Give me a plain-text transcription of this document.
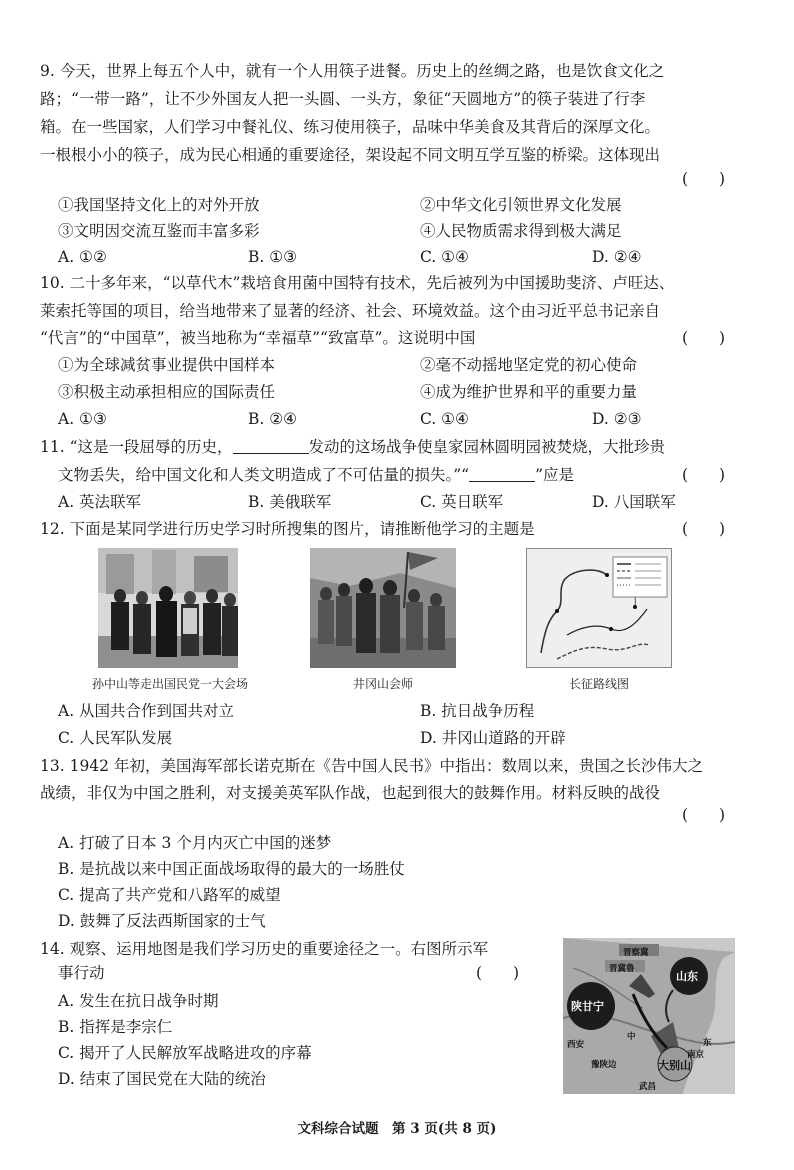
9. 今天，世界上每五个人中，就有一个人用筷子进餐。历史上的丝绸之路，也是饮食文化之
路；“一带一路”，让不少外国友人把一头圆、一头方，象征“天圆地方”的筷子装进了行李
箱。在一些国家，人们学习中餐礼仪、练习使用筷子，品味中华美食及其背后的深厚文化。
一根根小小的筷子，成为民心相通的重要途径，架设起不同文明互学互鉴的桥梁。这体现出
(　　)
①我国坚持文化上的对外开放	②中华文化引领世界文化发展
③文明因交流互鉴而丰富多彩	④人民物质需求得到极大满足
A. ①②	B. ①③	C. ①④	D. ②④
10. 二十多年来，“以草代木”栽培食用菌中国特有技术，先后被列为中国援助斐济、卢旺达、
莱索托等国的项目，给当地带来了显著的经济、社会、环境效益。这个由习近平总书记亲自
“代言”的“中国草”，被当地称为“幸福草”“致富草”。这说明中国	(　　)
①为全球减贫事业提供中国样本	②毫不动摇地坚定党的初心使命
③积极主动承担相应的国际责任	④成为维护世界和平的重要力量
A. ①③	B. ②④	C. ①④	D. ②③
11. “这是一段屈辱的历史，	发动的这场战争使皇家园林圆明园被焚烧，大批珍贵
文物丢失，给中国文化和人类文明造成了不可估量的损失。”“	”应是	(　　)
A. 英法联军	B. 美俄联军	C. 英日联军	D. 八国联军
12. 下面是某同学进行历史学习时所搜集的图片，请推断他学习的主题是	(　　)
孙中山等走出国民党一大会场	井冈山会师	长征路线图
A. 从国共合作到国共对立	B. 抗日战争历程
C. 人民军队发展	D. 井冈山道路的开辟
13. 1942 年初，美国海军部长诺克斯在《告中国人民书》中指出：数周以来，贵国之长沙伟大之
战绩，非仅为中国之胜利，对支援美英军队作战，也起到很大的鼓舞作用。材料反映的战役
(　　)
A. 打破了日本 3 个月内灭亡中国的迷梦
B. 是抗战以来中国正面战场取得的最大的一场胜仗
C. 提高了共产党和八路军的威望
D. 鼓舞了反法西斯国家的士气
14. 观察、运用地图是我们学习历史的重要途径之一。右图所示军
事行动	(　　)
A. 发生在抗日战争时期
B. 指挥是李宗仁
C. 揭开了人民解放军战略进攻的序幕
D. 结束了国民党在大陆的统治
陕甘宁
山东
大别山
晋察冀
晋冀鲁
西安
中
东
南京
豫陕边
武昌
文科综合试题　第 3 页(共 8 页)
